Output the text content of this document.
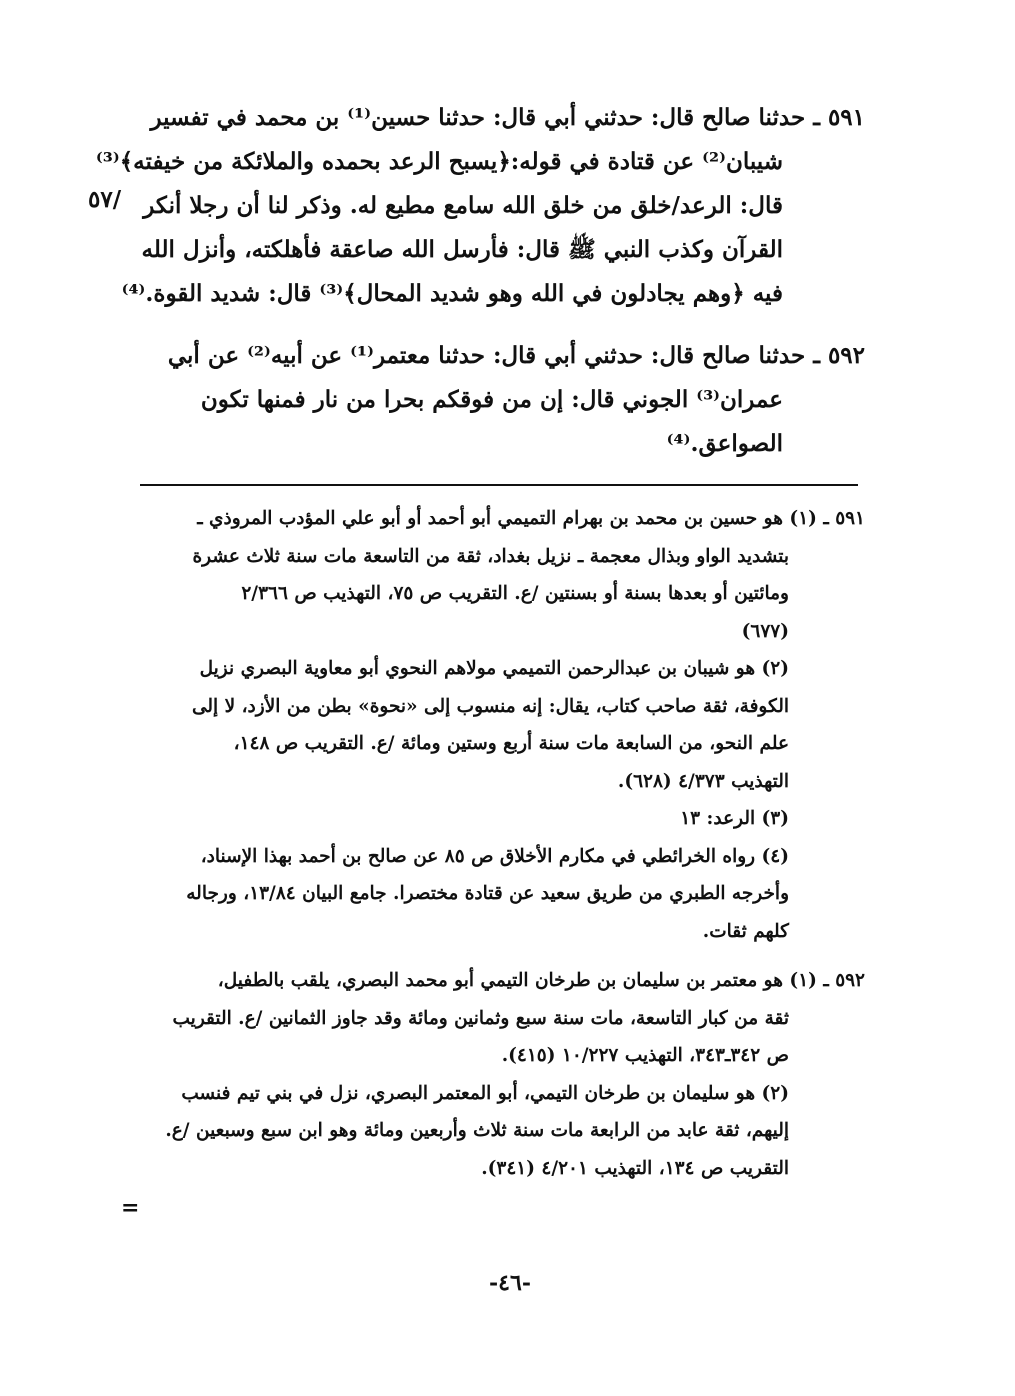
٥٩١ ـ حدثنا صالح قال: حدثني أبي قال: حدثنا حسين⁽¹⁾ بن محمد في تفسير
شيبان⁽²⁾ عن قتادة في قوله:﴿يسبح الرعد بحمده والملائكة من خيفته﴾⁽³⁾
قال: الرعد/خلق من خلق الله سامع مطيع له. وذكر لنا أن رجلا أنكر
القرآن وكذب النبي ﷺ قال: فأرسل الله صاعقة فأهلكته، وأنزل الله
فيه ﴿وهم يجادلون في الله وهو شديد المحال﴾⁽³⁾ قال: شديد القوة.⁽⁴⁾
٥٩٢ ـ حدثنا صالح قال: حدثني أبي قال: حدثنا معتمر⁽¹⁾ عن أبيه⁽²⁾ عن أبي
عمران⁽³⁾ الجوني قال: إن من فوقكم بحرا من نار فمنها تكون
الصواعق.⁽⁴⁾
/٥٧
٥٩١ ـ (١) هو حسين بن محمد بن بهرام التميمي أبو أحمد أو أبو علي المؤدب المروذي ـ
بتشديد الواو وبذال معجمة ـ نزيل بغداد، ثقة من التاسعة مات سنة ثلاث عشرة
ومائتين أو بعدها بسنة أو بسنتين /ع. التقريب ص ٧٥، التهذيب ص ٢/٣٦٦
(٦٧٧)
(٢) هو شيبان بن عبدالرحمن التميمي مولاهم النحوي أبو معاوية البصري نزيل
الكوفة، ثقة صاحب كتاب، يقال: إنه منسوب إلى «نحوة» بطن من الأزد، لا إلى
علم النحو، من السابعة مات سنة أربع وستين ومائة /ع. التقريب ص ١٤٨،
التهذيب ٤/٣٧٣ (٦٢٨).
(٣) الرعد: ١٣
(٤) رواه الخرائطي في مكارم الأخلاق ص ٨٥ عن صالح بن أحمد بهذا الإسناد،
وأخرجه الطبري من طريق سعيد عن قتادة مختصرا. جامع البيان ١٣/٨٤، ورجاله
كلهم ثقات.
٥٩٢ ـ (١) هو معتمر بن سليمان بن طرخان التيمي أبو محمد البصري، يلقب بالطفيل،
ثقة من كبار التاسعة، مات سنة سبع وثمانين ومائة وقد جاوز الثمانين /ع. التقريب
ص ٣٤٢ـ٣٤٣، التهذيب ١٠/٢٢٧ (٤١٥).
(٢) هو سليمان بن طرخان التيمي، أبو المعتمر البصري، نزل في بني تيم فنسب
إليهم، ثقة عابد من الرابعة مات سنة ثلاث وأربعين ومائة وهو ابن سبع وسبعين /ع.
التقريب ص ١٣٤، التهذيب ٤/٢٠١ (٣٤١).
=
-٤٦-
